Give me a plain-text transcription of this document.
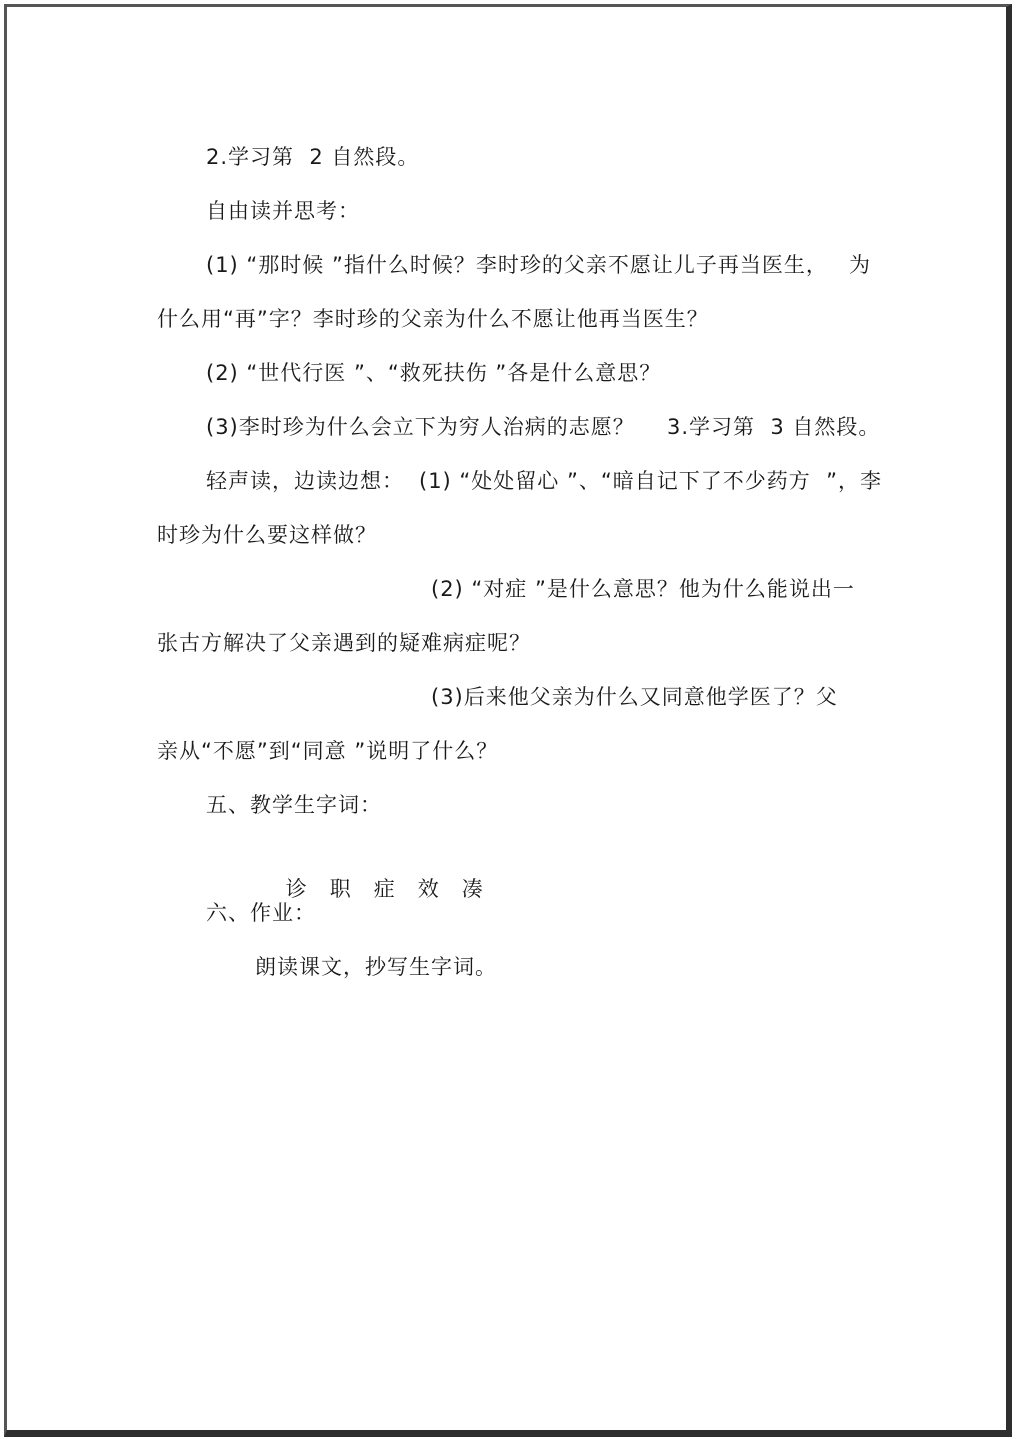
2.学习第  2 自然段。
自由读并思考：
(1) “那时候 ”指什么时候？李时珍的父亲不愿让儿子再当医生， 为
什么用“再”字？李时珍的父亲为什么不愿让他再当医生？
(2) “世代行医 ”、“救死扶伤 ”各是什么意思？
(3)李时珍为什么会立下为穷人治病的志愿？ 3.学习第  3 自然段。
轻声读，边读边想： (1) “处处留心 ”、“暗自记下了不少药方  ”，李
时珍为什么要这样做？
(2) “对症 ”是什么意思？他为什么能说出一
张古方解决了父亲遇到的疑难病症呢？
(3)后来他父亲为什么又同意他学医了？父
亲从“不愿”到“同意 ”说明了什么？
五、教学生字词：

诊 职 症 效 凑

六、作业：
朗读课文，抄写生字词。
